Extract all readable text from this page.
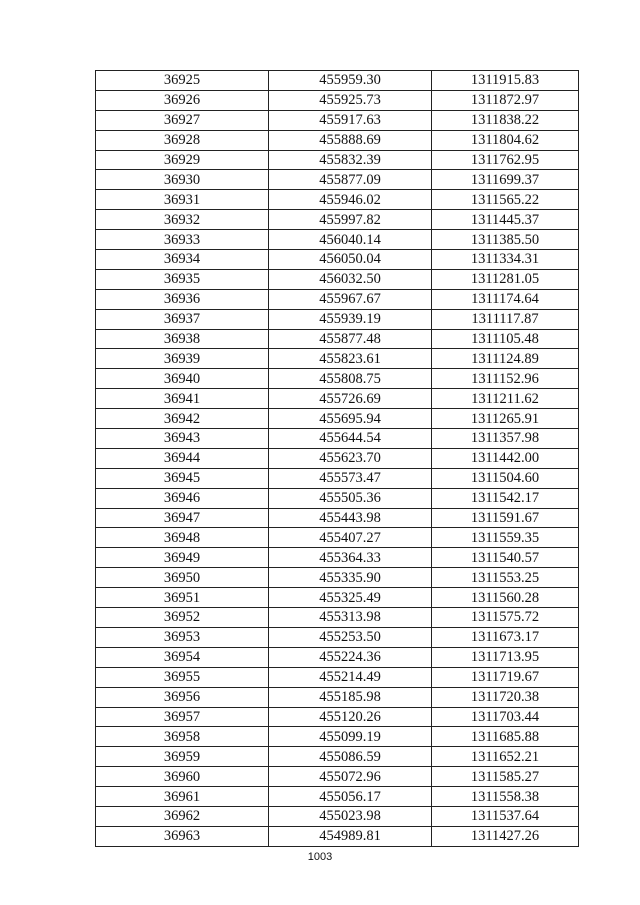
36925	455959.30	1311915.83
36926	455925.73	1311872.97
36927	455917.63	1311838.22
36928	455888.69	1311804.62
36929	455832.39	1311762.95
36930	455877.09	1311699.37
36931	455946.02	1311565.22
36932	455997.82	1311445.37
36933	456040.14	1311385.50
36934	456050.04	1311334.31
36935	456032.50	1311281.05
36936	455967.67	1311174.64
36937	455939.19	1311117.87
36938	455877.48	1311105.48
36939	455823.61	1311124.89
36940	455808.75	1311152.96
36941	455726.69	1311211.62
36942	455695.94	1311265.91
36943	455644.54	1311357.98
36944	455623.70	1311442.00
36945	455573.47	1311504.60
36946	455505.36	1311542.17
36947	455443.98	1311591.67
36948	455407.27	1311559.35
36949	455364.33	1311540.57
36950	455335.90	1311553.25
36951	455325.49	1311560.28
36952	455313.98	1311575.72
36953	455253.50	1311673.17
36954	455224.36	1311713.95
36955	455214.49	1311719.67
36956	455185.98	1311720.38
36957	455120.26	1311703.44
36958	455099.19	1311685.88
36959	455086.59	1311652.21
36960	455072.96	1311585.27
36961	455056.17	1311558.38
36962	455023.98	1311537.64
36963	454989.81	1311427.26
1003
